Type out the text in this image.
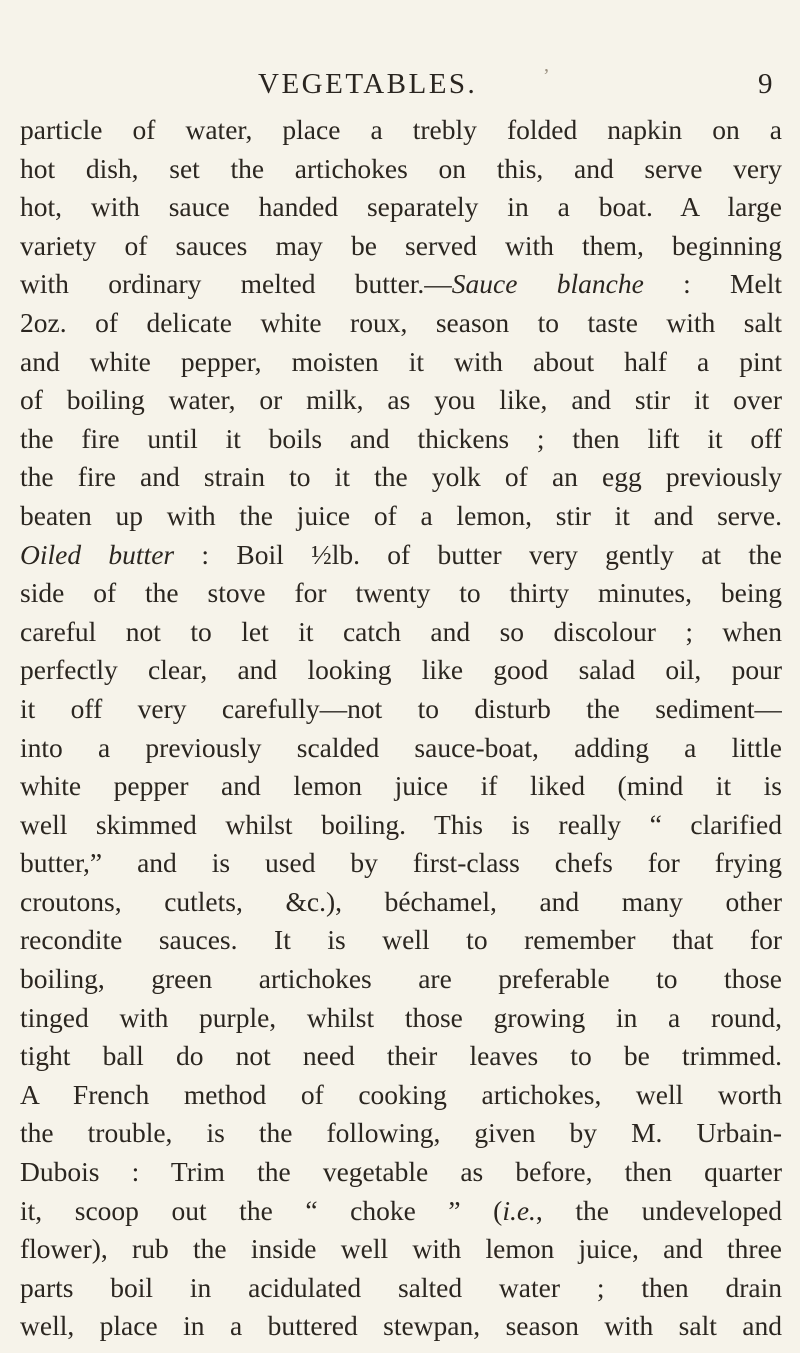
VEGETABLES.	’	9
particle of water, place a trebly folded napkin on a
hot dish, set the artichokes on this, and serve very
hot, with sauce handed separately in a boat. A large
variety of sauces may be served with them, beginning
with ordinary melted butter.—Sauce blanche : Melt
2oz. of delicate white roux, season to taste with salt
and white pepper, moisten it with about half a pint
of boiling water, or milk, as you like, and stir it over
the fire until it boils and thickens ; then lift it off
the fire and strain to it the yolk of an egg previously
beaten up with the juice of a lemon, stir it and serve.
Oiled butter : Boil ½lb. of butter very gently at the
side of the stove for twenty to thirty minutes, being
careful not to let it catch and so discolour ; when
perfectly clear, and looking like good salad oil, pour
it off very carefully—not to disturb the sediment—
into a previously scalded sauce-boat, adding a little
white pepper and lemon juice if liked (mind it is
well skimmed whilst boiling. This is really “ clarified
butter,” and is used by first-class chefs for frying
croutons, cutlets, &c.), béchamel, and many other
recondite sauces. It is well to remember that for
boiling, green artichokes are preferable to those
tinged with purple, whilst those growing in a round,
tight ball do not need their leaves to be trimmed.
A French method of cooking artichokes, well worth
the trouble, is the following, given by M. Urbain-
Dubois : Trim the vegetable as before, then quarter
it, scoop out the “ choke ” (i.e., the undeveloped
flower), rub the inside well with lemon juice, and three
parts boil in acidulated salted water ; then drain
well, place in a buttered stewpan, season with salt and
